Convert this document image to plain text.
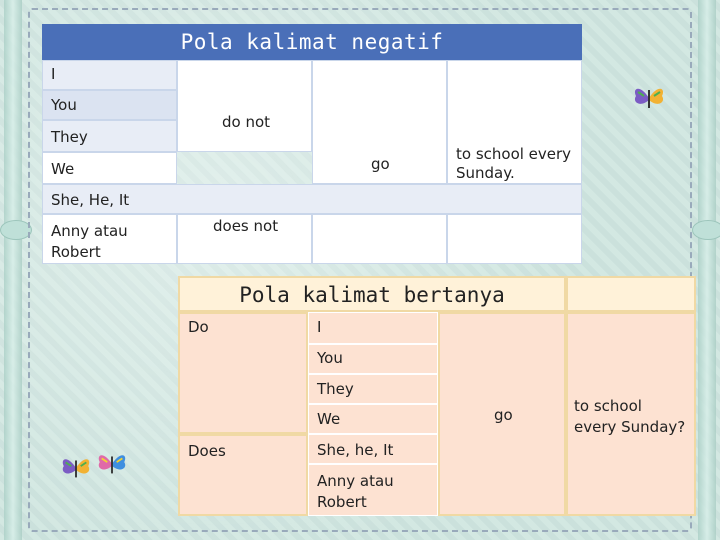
Pola kalimat negatif
I
You
They
We
She, He, It
Anny atau Robert
do not
does not
go
to school every Sunday.
Pola kalimat bertanya
Do
Does
I
You
They
We
She, he, It
Anny atau Robert
go	to school every Sunday?
